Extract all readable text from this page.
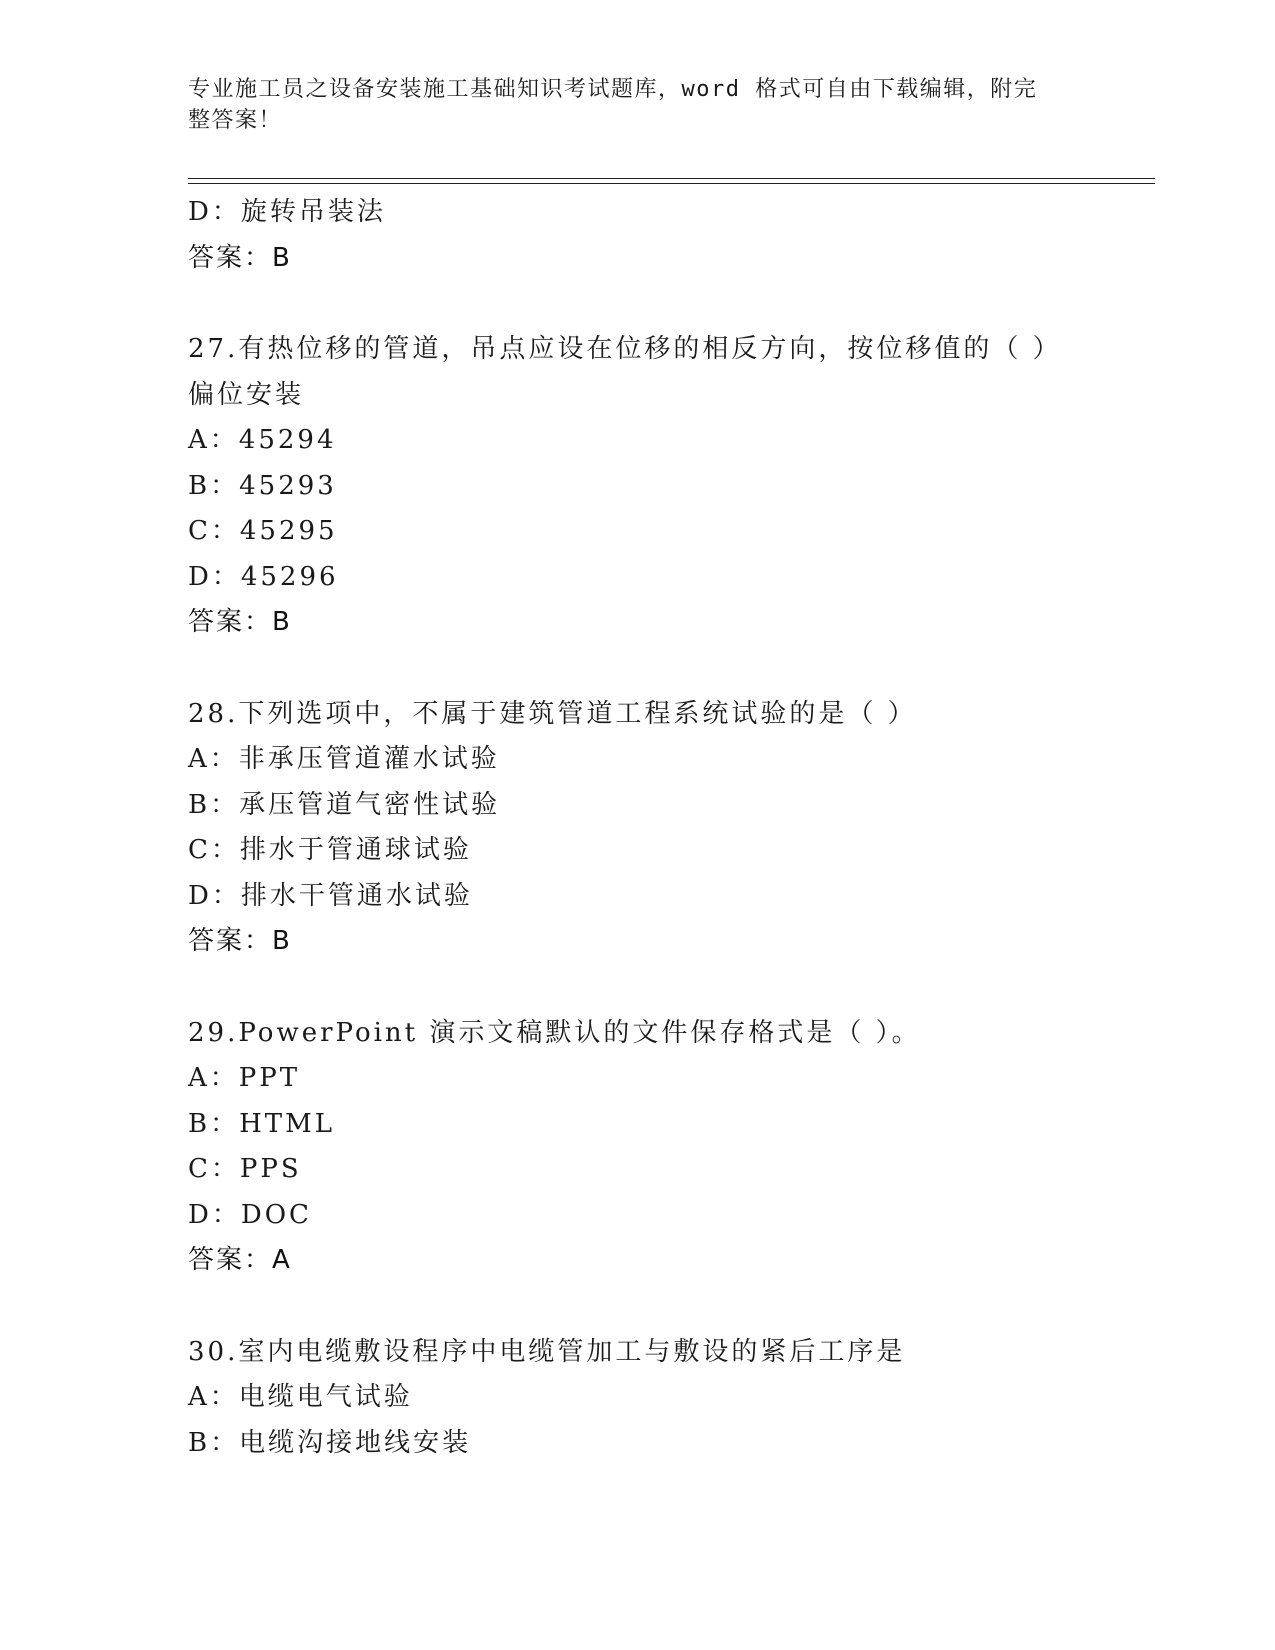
专业施工员之设备安装施工基础知识考试题库，word 格式可自由下载编辑，附完
整答案！
D：旋转吊装法
答案：B
27.有热位移的管道，吊点应设在位移的相反方向，按位移值的（ ）
偏位安装
A：45294
B：45293
C：45295
D：45296
答案：B
28.下列选项中，不属于建筑管道工程系统试验的是（ ）
A：非承压管道灌水试验
B：承压管道气密性试验
C：排水于管通球试验
D：排水干管通水试验
答案：B
29.PowerPoint 演示文稿默认的文件保存格式是（ ）。
A：PPT
B：HTML
C：PPS
D：DOC
答案：A
30.室内电缆敷设程序中电缆管加工与敷设的紧后工序是
A：电缆电气试验
B：电缆沟接地线安装
